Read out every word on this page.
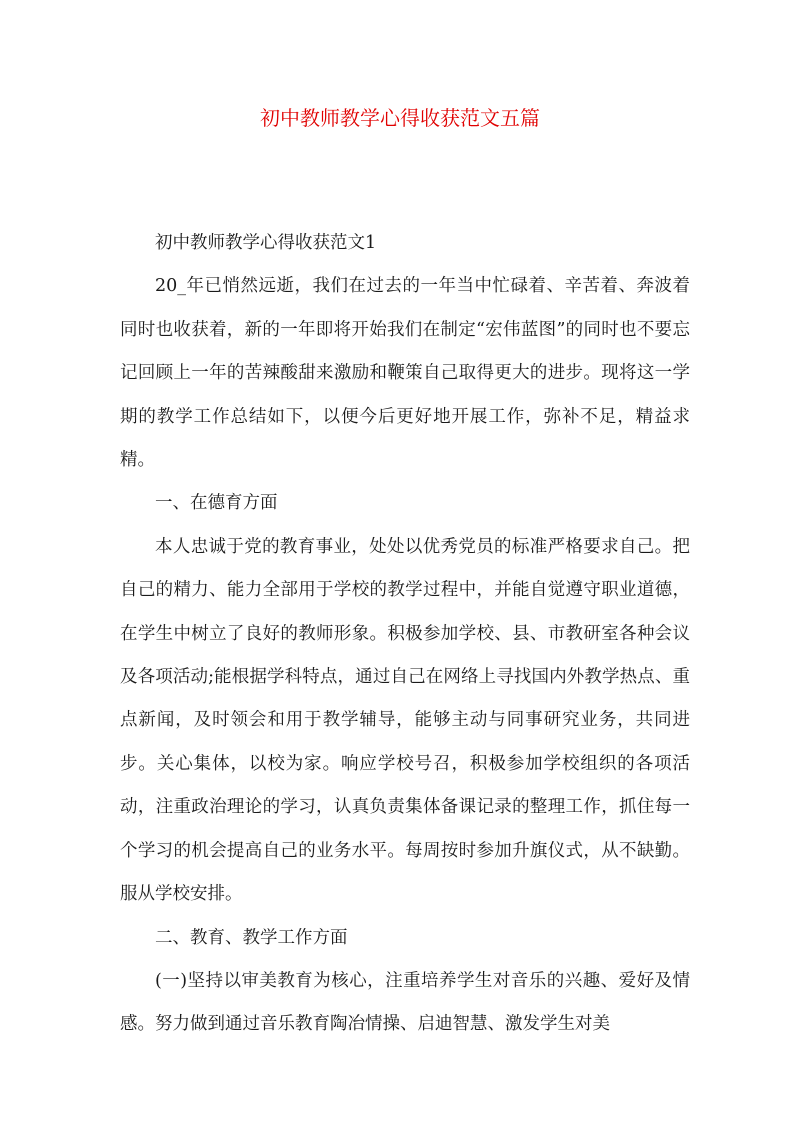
初中教师教学心得收获范文五篇

初中教师教学心得收获范文1

20_年已悄然远逝，我们在过去的一年当中忙碌着、辛苦着、奔波着同时也收获着，新的一年即将开始我们在制定“宏伟蓝图”的同时也不要忘记回顾上一年的苦辣酸甜来激励和鞭策自己取得更大的进步。现将这一学期的教学工作总结如下，以便今后更好地开展工作，弥补不足，精益求精。

一、在德育方面

本人忠诚于党的教育事业，处处以优秀党员的标准严格要求自己。把自己的精力、能力全部用于学校的教学过程中，并能自觉遵守职业道德，在学生中树立了良好的教师形象。积极参加学校、县、市教研室各种会议及各项活动;能根据学科特点，通过自己在网络上寻找国内外教学热点、重点新闻，及时领会和用于教学辅导，能够主动与同事研究业务，共同进步。关心集体，以校为家。响应学校号召，积极参加学校组织的各项活动，注重政治理论的学习，认真负责集体备课记录的整理工作，抓住每一个学习的机会提高自己的业务水平。每周按时参加升旗仪式，从不缺勤。服从学校安排。

二、教育、教学工作方面

(一)坚持以审美教育为核心，注重培养学生对音乐的兴趣、爱好及情感。努力做到通过音乐教育陶冶情操、启迪智慧、激发学生对美
